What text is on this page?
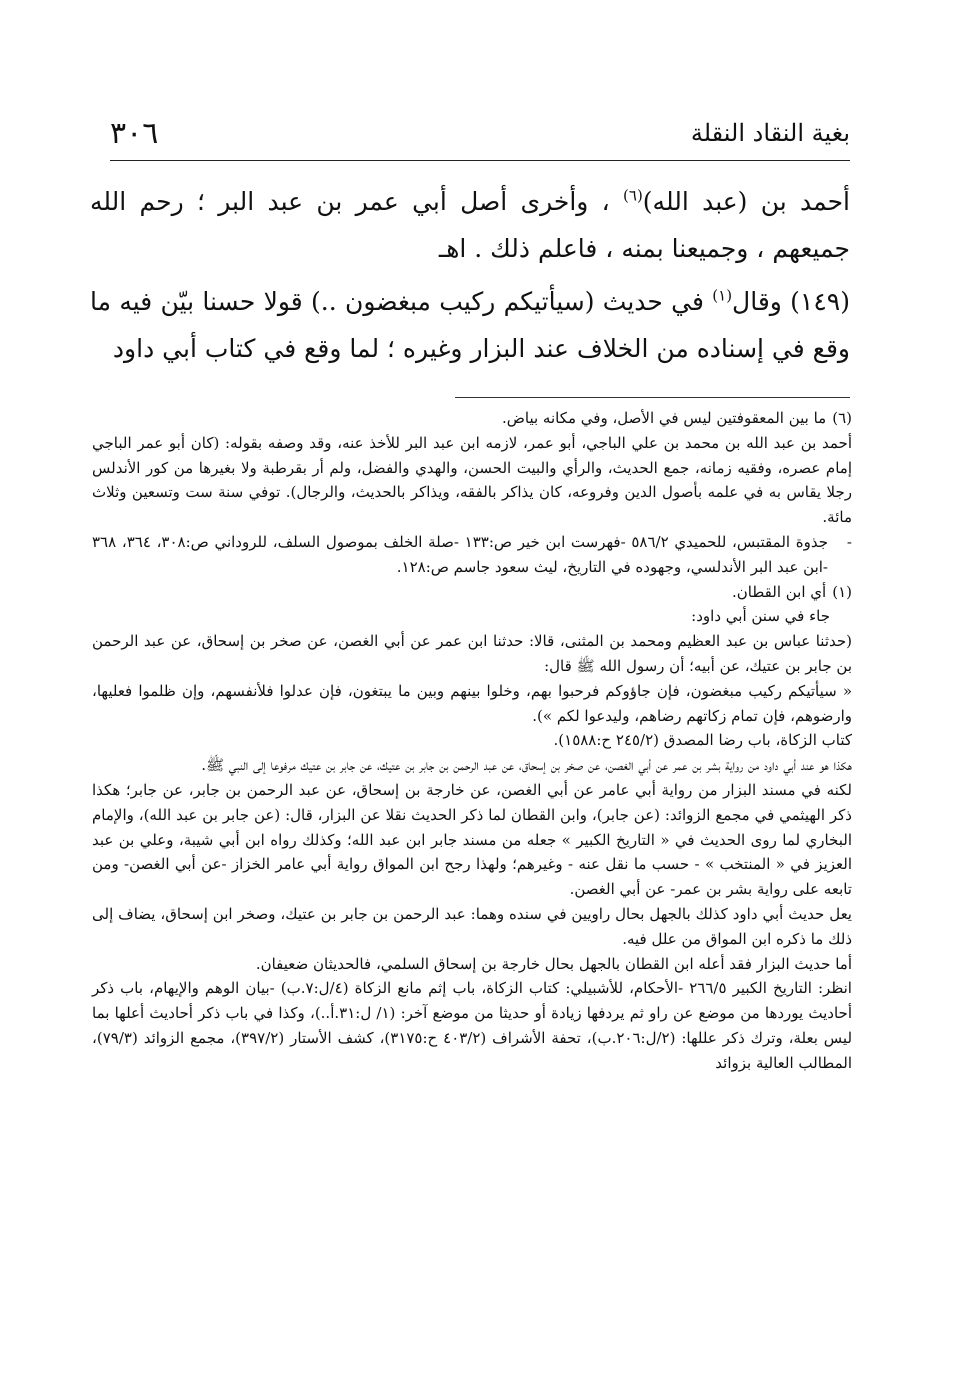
٣٠٦	بغية النقاد النقلة

أحمد بن (عبد الله)$^{(٦)}$ ، وأخرى أصل أبي عمر بن عبد البر ؛ رحم الله جميعهم ، وجميعنا بمنه ، فاعلم ذلك . اهـ

(١٤٩) وقال$^{(١)}$ في حديث (سيأتيكم ركيب مبغضون ..) قولا حسنا بيّن فيه ما وقع في إسناده من الخلاف عند البزار وغيره ؛ لما وقع في كتاب أبي داود

(٦)ما بين المعقوفتين ليس في الأصل، وفي مكانه بياض.

أحمد بن عبد الله بن محمد بن علي الباجي، أبو عمر، لازمه ابن عبد البر للأخذ عنه، وقد وصفه بقوله: (كان أبو عمر الباجي إمام عصره، وفقيه زمانه، جمع الحديث، والرأي والبيت الحسن، والهدي والفضل، ولم أر بقرطبة ولا بغيرها من كور الأندلس رجلا يقاس به في علمه بأصول الدين وفروعه، كان يذاكر بالفقه، ويذاكر بالحديث، والرجال). توفي سنة ست وتسعين وثلاث مائة.

-
جذوة المقتبس، للحميدي ٥٨٦/٢ -فهرست ابن خير ص:١٣٣ -صلة الخلف بموصول السلف، للروداني ص:٣٠٨، ٣٦٤، ٣٦٨ -ابن عبد البر الأندلسي، وجهوده في التاريخ، ليث سعود جاسم ص:١٢٨.

(١)أي ابن القطان.

جاء في سنن أبي داود:

(حدثنا عباس بن عبد العظيم ومحمد بن المثنى، قالا: حدثنا ابن عمر عن أبي الغصن، عن صخر بن إسحاق، عن عبد الرحمن بن جابر بن عتيك، عن أبيه؛ أن رسول الله ﷺ قال:

« سيأتيكم ركيب مبغضون، فإن جاؤوكم فرحبوا بهم، وخلوا بينهم وبين ما يبتغون، فإن عدلوا فلأنفسهم، وإن ظلموا فعليها، وارضوهم، فإن تمام زكاتهم رضاهم، وليدعوا لكم »).

كتاب الزكاة، باب رضا المصدق (٢٤٥/٢ ح:١٥٨٨).

هكذا هو عند أبي داود من رواية بشر بن عمر عن أبي الغصن، عن صخر بن إسحاق، عن عبد الرحمن بن جابر بن عتيك، عن جابر بن عتيك مرفوعا إلى النبي ﷺ.

لكنه في مسند البزار من رواية أبي عامر عن أبي الغصن، عن خارجة بن إسحاق، عن عبد الرحمن بن جابر، عن جابر؛ هكذا ذكر الهيثمي في مجمع الزوائد: (عن جابر)، وابن القطان لما ذكر الحديث نقلا عن البزار، قال: (عن جابر بن عبد الله)، والإمام البخاري لما روى الحديث في « التاريخ الكبير » جعله من مسند جابر ابن عبد الله؛ وكذلك رواه ابن أبي شيبة، وعلي بن عبد العزيز في « المنتخب » - حسب ما نقل عنه - وغيرهم؛ ولهذا رجح ابن المواق رواية أبي عامر الخزاز -عن أبي الغصن- ومن تابعه على رواية بشر بن عمر- عن أبي الغصن.

يعل حديث أبي داود كذلك بالجهل بحال راويين في سنده وهما: عبد الرحمن بن جابر بن عتيك، وصخر ابن إسحاق، يضاف إلى ذلك ما ذكره ابن المواق من علل فيه.

أما حديث البزار فقد أعله ابن القطان بالجهل بحال خارجة بن إسحاق السلمي، فالحديثان ضعيفان.

انظر: التاريخ الكبير ٢٦٦/٥ -الأحكام، للأشبيلي: كتاب الزكاة، باب إثم مانع الزكاة (٤/ل:٧.ب) -بيان الوهم والإيهام، باب ذكر أحاديث يوردها من موضع عن راو ثم يردفها زيادة أو حديثا من موضع آخر: (١/ ل:٣١.أ..)، وكذا في باب ذكر أحاديث أعلها بما ليس بعلة، وترك ذكر عللها: (٢/ل:٢٠٦.ب)، تحفة الأشراف (٤٠٣/٢ ح:٣١٧٥)، كشف الأستار (٣٩٧/٢)، مجمع الزوائد (٧٩/٣)، المطالب العالية بزوائد
